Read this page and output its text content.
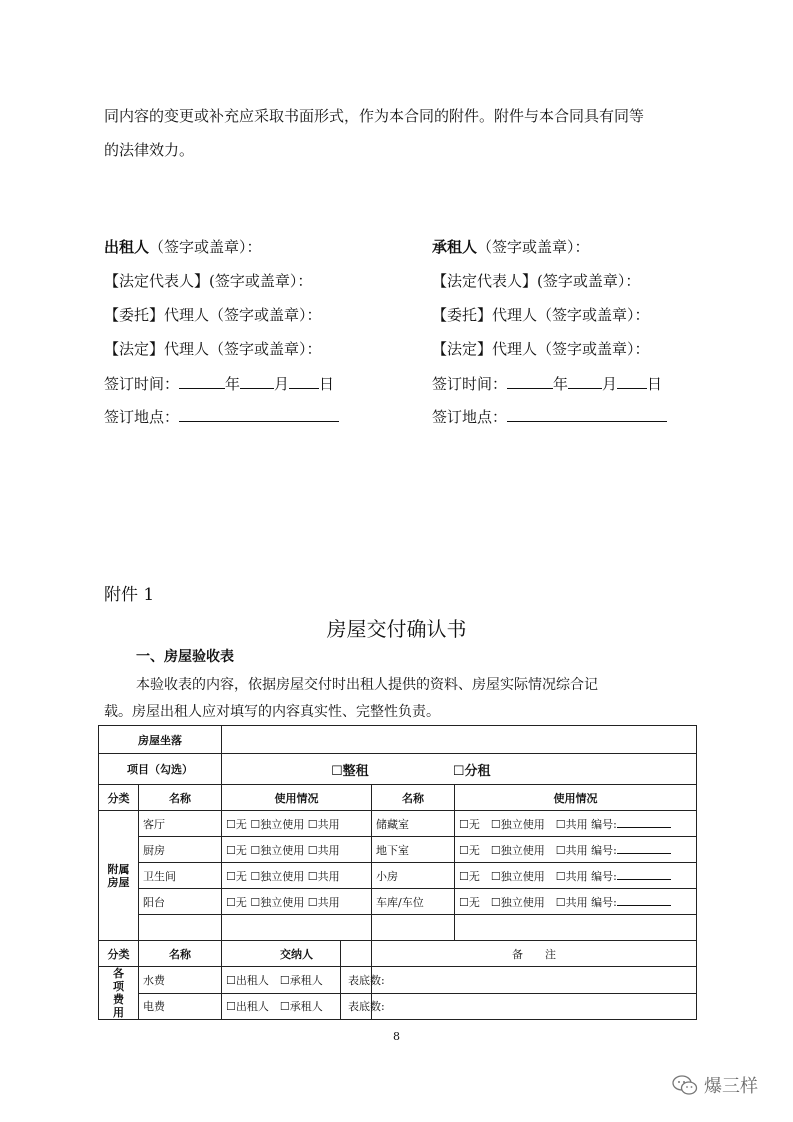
同内容的变更或补充应采取书面形式，作为本合同的附件。附件与本合同具有同等
的法律效力。
出租人（签字或盖章）：
【法定代表人】(签字或盖章）：
【委托】代理人（签字或盖章）：
【法定】代理人（签字或盖章）：
签订时间：	年 月 日
签订地点：
承租人（签字或盖章）：
【法定代表人】(签字或盖章）：
【委托】代理人（签字或盖章）：
【法定】代理人（签字或盖章）：
签订时间：	年 月 日
签订地点：
附件 1
房屋交付确认书
一、房屋验收表
本验收表的内容，依据房屋交付时出租人提供的资料、房屋实际情况综合记
载。房屋出租人应对填写的内容真实性、完整性负责。
房屋坐落				
项目（勾选）		☐整租 ☐分租		
分类	名称	使用情况	名称	使用情况

附属房屋	客厅	☐无 ☐独立使用 ☐共用	储藏室	☐无　☐独立使用　☐共用 编号:
	厨房	☐无 ☐独立使用 ☐共用	地下室	☐无　☐独立使用　☐共用 编号:
	卫生间	☐无 ☐独立使用 ☐共用	小房	☐无　☐独立使用　☐共用 编号:
	阳台	☐无 ☐独立使用 ☐共用	车库/车位	☐无　☐独立使用　☐共用 编号:

分类	名称	交纳人	备　　注	

各项费用	水费	☐出租人　☐承租人	表底数:	
	电费	☐出租人　☐承租人	表底数:	
8
爆三样
